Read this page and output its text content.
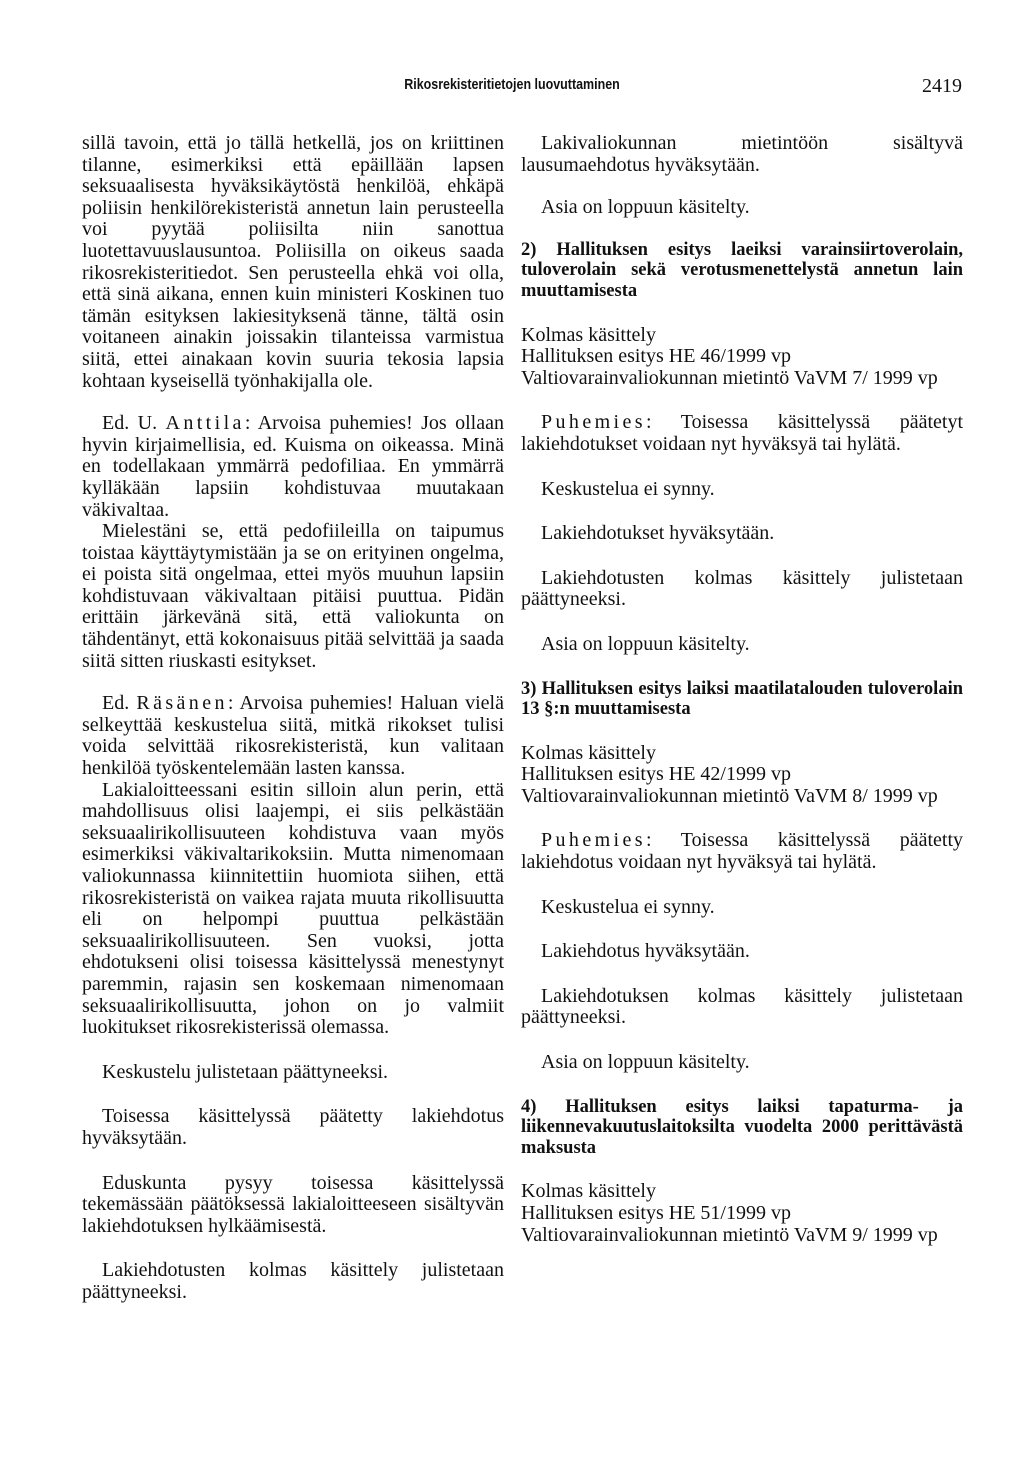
Rikosrekisteritietojen luovuttaminen	2419

sillä tavoin, että jo tällä hetkellä, jos on kriittinen tilanne, esimerkiksi että epäillään lapsen seksuaalisesta hyväksikäytöstä henkilöä, ehkäpä poliisin henkilörekisteristä annetun lain perusteella voi pyytää poliisilta niin sanottua luotettavuuslausuntoa. Poliisilla on oikeus saada rikosrekisteritiedot. Sen perusteella ehkä voi olla, että sinä aikana, ennen kuin ministeri Koskinen tuo tämän esityksen lakiesityksenä tänne, tältä osin voitaneen ainakin joissakin tilanteissa varmistua siitä, ettei ainakaan kovin suuria tekosia lapsia kohtaan kyseisellä työnhakijalla ole.

Ed. U. Anttila: Arvoisa puhemies! Jos ollaan hyvin kirjaimellisia, ed. Kuisma on oikeassa. Minä en todellakaan ymmärrä pedofiliaa. En ymmärrä kylläkään lapsiin kohdistuvaa muutakaan väkivaltaa.

Mielestäni se, että pedofiileilla on taipumus toistaa käyttäytymistään ja se on erityinen ongelma, ei poista sitä ongelmaa, ettei myös muuhun lapsiin kohdistuvaan väkivaltaan pitäisi puuttua. Pidän erittäin järkevänä sitä, että valiokunta on tähdentänyt, että kokonaisuus pitää selvittää ja saada siitä sitten riuskasti esitykset.

Ed. Räsänen: Arvoisa puhemies! Haluan vielä selkeyttää keskustelua siitä, mitkä rikokset tulisi voida selvittää rikosrekisteristä, kun valitaan henkilöä työskentelemään lasten kanssa.

Lakialoitteessani esitin silloin alun perin, että mahdollisuus olisi laajempi, ei siis pelkästään seksuaalirikollisuuteen kohdistuva vaan myös esimerkiksi väkivaltarikoksiin. Mutta nimenomaan valiokunnassa kiinnitettiin huomiota siihen, että rikosrekisteristä on vaikea rajata muuta rikollisuutta eli on helpompi puuttua pelkästään seksuaalirikollisuuteen. Sen vuoksi, jotta ehdotukseni olisi toisessa käsittelyssä menestynyt paremmin, rajasin sen koskemaan nimenomaan seksuaalirikollisuutta, johon on jo valmiit luokitukset rikosrekisterissä olemassa.

Keskustelu julistetaan päättyneeksi.

Toisessa käsittelyssä päätetty lakiehdotus hyväksytään.

Eduskunta pysyy toisessa käsittelyssä tekemässään päätöksessä lakialoitteeseen sisältyvän lakiehdotuksen hylkäämisestä.

Lakiehdotusten kolmas käsittely julistetaan päättyneeksi.

Lakivaliokunnan mietintöön sisältyvä lausumaehdotus hyväksytään.

Asia on loppuun käsitelty.

2) Hallituksen esitys laeiksi varainsiirtoverolain, tuloverolain sekä verotusmenettelystä annetun lain muuttamisesta

Kolmas käsittely
Hallituksen esitys HE 46/1999 vp
Valtiovarainvaliokunnan mietintö VaVM 7/ 1999 vp

Puhemies: Toisessa käsittelyssä päätetyt lakiehdotukset voidaan nyt hyväksyä tai hylätä.

Keskustelua ei synny.

Lakiehdotukset hyväksytään.

Lakiehdotusten kolmas käsittely julistetaan päättyneeksi.

Asia on loppuun käsitelty.

3) Hallituksen esitys laiksi maatilatalouden tuloverolain 13 §:n muuttamisesta

Kolmas käsittely
Hallituksen esitys HE 42/1999 vp
Valtiovarainvaliokunnan mietintö VaVM 8/ 1999 vp

Puhemies: Toisessa käsittelyssä päätetty lakiehdotus voidaan nyt hyväksyä tai hylätä.

Keskustelua ei synny.

Lakiehdotus hyväksytään.

Lakiehdotuksen kolmas käsittely julistetaan päättyneeksi.

Asia on loppuun käsitelty.

4) Hallituksen esitys laiksi tapaturma- ja liikennevakuutuslaitoksilta vuodelta 2000 perittävästä maksusta

Kolmas käsittely
Hallituksen esitys HE 51/1999 vp
Valtiovarainvaliokunnan mietintö VaVM 9/ 1999 vp
